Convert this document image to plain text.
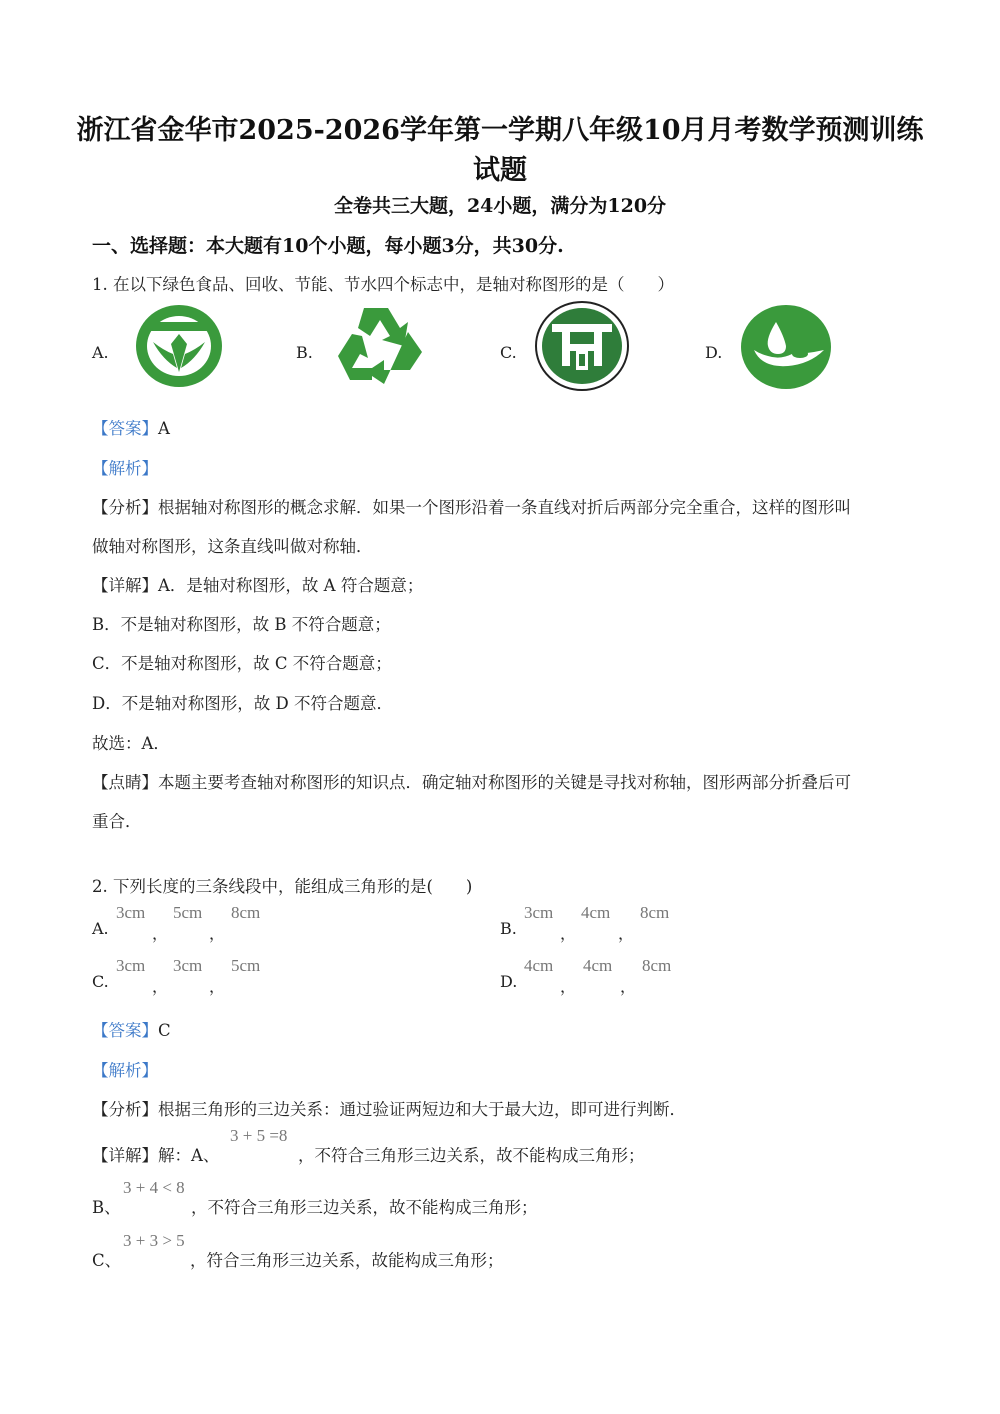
浙江省金华市2025-2026学年第一学期八年级10月月考数学预测训练
试题
全卷共三大题，24小题，满分为120分
一、选择题：本大题有10个小题，每小题3分，共30分.
1. 在以下绿色食品、回收、节能、节水四个标志中，是轴对称图形的是（　　）
A.	B.	C.	D.
【答案】A
【解析】
【分析】根据轴对称图形的概念求解．如果一个图形沿着一条直线对折后两部分完全重合，这样的图形叫
做轴对称图形，这条直线叫做对称轴．
【详解】A．是轴对称图形，故 A 符合题意；
B．不是轴对称图形，故 B 不符合题意；
C．不是轴对称图形，故 C 不符合题意；
D．不是轴对称图形，故 D 不符合题意．
故选：A．
【点睛】本题主要考查轴对称图形的知识点．确定轴对称图形的关键是寻找对称轴，图形两部分折叠后可
重合．
2. 下列长度的三条线段中，能组成三角形的是(　　)
A.
3cm
，
5cm
，
8cm
B.
3cm
，
4cm
，
8cm
C.
3cm
，
3cm
，
5cm
D.
4cm
，
4cm
，
8cm
【答案】C
【解析】
【分析】根据三角形的三边关系：通过验证两短边和大于最大边，即可进行判断．
【详解】解：A、
3 + 5 =8
，不符合三角形三边关系，故不能构成三角形；
B、
3 + 4 < 8
，不符合三角形三边关系，故不能构成三角形；
C、
3 + 3 > 5
，符合三角形三边关系，故能构成三角形；
